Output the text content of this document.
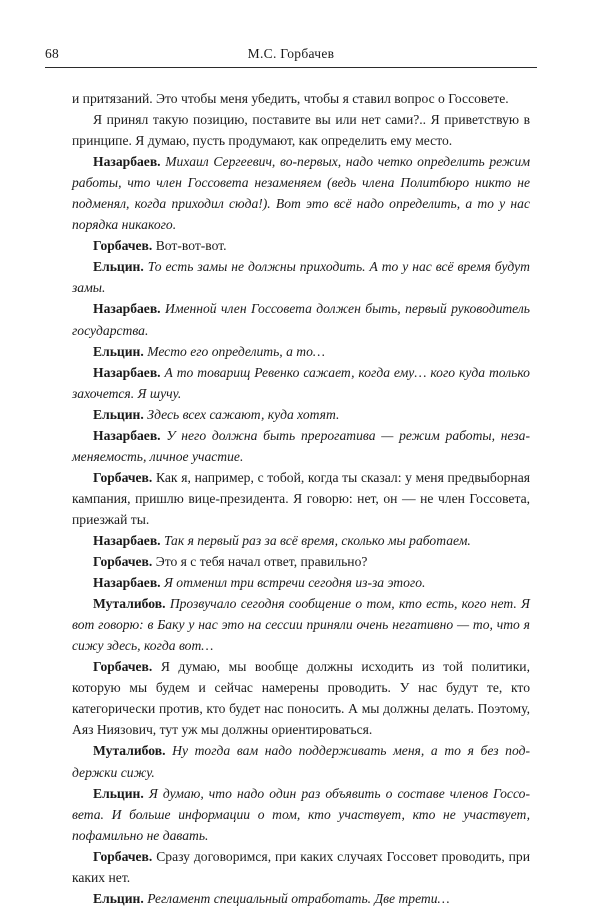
68	М.С. Горбачев

и притязаний. Это чтобы меня убедить, чтобы я ставил вопрос о Госсовете.

Я принял такую позицию, поставите вы или нет сами?.. Я приветствую в принципе. Я думаю, пусть продумают, как определить ему место.

Назарбаев. Михаил Сергеевич, во-первых, надо четко определить режим работы, что член Госсовета незаменяем (ведь члена Политбюро никто не подменял, когда приходил сюда!). Вот это всё надо определить, а то у нас порядка никакого.

Горбачев. Вот-вот-вот.

Ельцин. То есть замы не должны приходить. А то у нас всё время будут замы.

Назарбаев. Именной член Госсовета должен быть, первый руководитель государства.

Ельцин. Место его определить, а то…

Назарбаев. А то товарищ Ревенко сажает, когда ему… кого куда только захочется. Я шучу.

Ельцин. Здесь всех сажают, куда хотят.

Назарбаев. У него должна быть прерогатива — режим работы, незаменяемость, личное участие.

Горбачев. Как я, например, с тобой, когда ты сказал: у меня предвыборная кампания, пришлю вице-президента. Я говорю: нет, он — не член Госсовета, приезжай ты.

Назарбаев. Так я первый раз за всё время, сколько мы работаем.

Горбачев. Это я с тебя начал ответ, правильно?

Назарбаев. Я отменил три встречи сегодня из-за этого.

Муталибов. Прозвучало сегодня сообщение о том, кто есть, кого нет. Я вот говорю: в Баку у нас это на сессии приняли очень негативно — то, что я сижу здесь, когда вот…

Горбачев. Я думаю, мы вообще должны исходить из той политики, которую мы будем и сейчас намерены проводить. У нас будут те, кто категорически против, кто будет нас поносить. А мы должны делать. Поэтому, Аяз Ниязович, тут уж мы должны ориентироваться.

Муталибов. Ну тогда вам надо поддерживать меня, а то я без поддержки сижу.

Ельцин. Я думаю, что надо один раз объявить о составе членов Госсовета. И больше информации о том, кто участвует, кто не участвует, пофамильно не давать.

Горбачев. Сразу договоримся, при каких случаях Госсовет проводить, при каких нет.

Ельцин. Регламент специальный отработать. Две трети…
